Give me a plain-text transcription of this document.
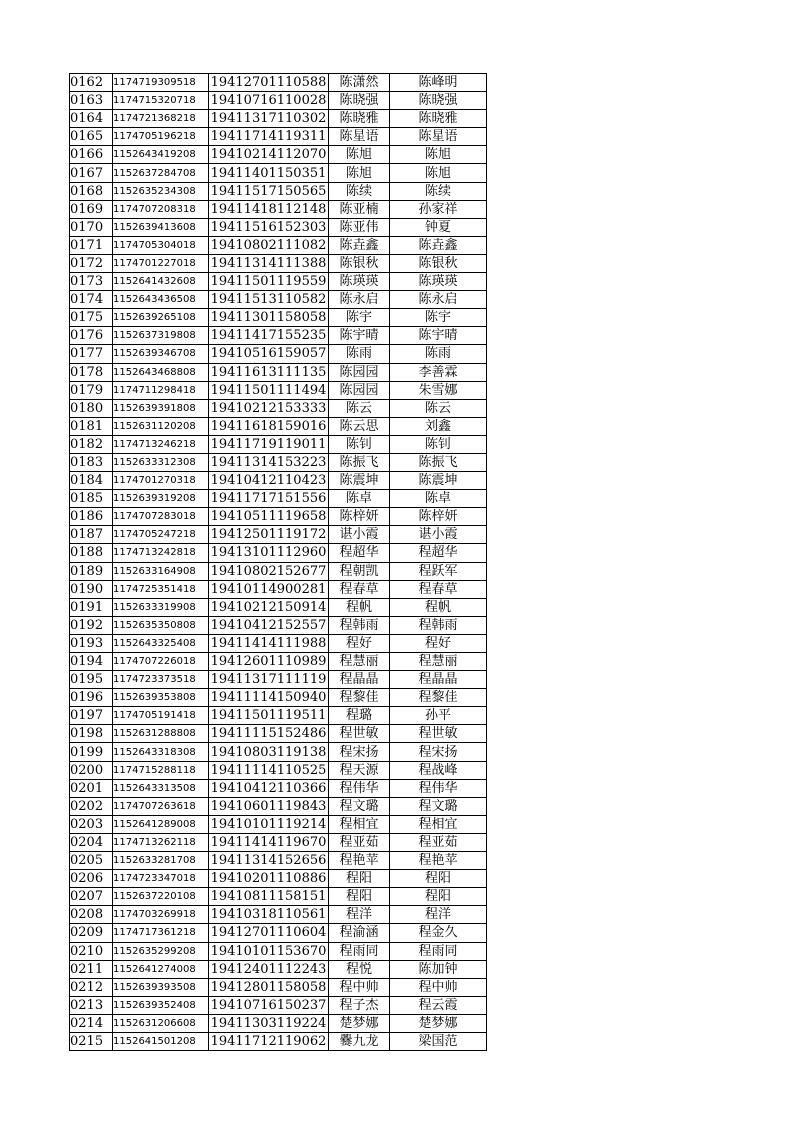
0162	1174719309518	19412701110588	陈潇然	陈峰明
0163	1174715320718	19410716110028	陈晓强	陈晓强
0164	1174721368218	19411317110302	陈晓雅	陈晓雅
0165	1174705196218	19411714119311	陈星语	陈星语
0166	1152643419208	19410214112070	陈旭	陈旭
0167	1152637284708	19411401150351	陈旭	陈旭
0168	1152635234308	19411517150565	陈续	陈续
0169	1174707208318	19411418112148	陈亚楠	孙家祥
0170	1152639413608	19411516152303	陈亚伟	钟夏
0171	1174705304018	19410802111082	陈垚鑫	陈垚鑫
0172	1174701227018	19411314111388	陈银秋	陈银秋
0173	1152641432608	19411501119559	陈瑛瑛	陈瑛瑛
0174	1152643436508	19411513110582	陈永启	陈永启
0175	1152639265108	19411301158058	陈宇	陈宇
0176	1152637319808	19411417155235	陈宇晴	陈宇晴
0177	1152639346708	19410516159057	陈雨	陈雨
0178	1152643468808	19411613111135	陈园园	李善霖
0179	1174711298418	19411501111494	陈园园	朱雪娜
0180	1152639391808	19410212153333	陈云	陈云
0181	1152631120208	19411618159016	陈云思	刘鑫
0182	1174713246218	19411719119011	陈钊	陈钊
0183	1152633312308	19411314153223	陈振飞	陈振飞
0184	1174701270318	19410412110423	陈震坤	陈震坤
0185	1152639319208	19411717151556	陈卓	陈卓
0186	1174707283018	19410511119658	陈梓妍	陈梓妍
0187	1174705247218	19412501119172	谌小霞	谌小霞
0188	1174713242818	19413101112960	程超华	程超华
0189	1152633164908	19410802152677	程朝凯	程跃军
0190	1174725351418	19410114900281	程春草	程春草
0191	1152633319908	19410212150914	程帆	程帆
0192	1152635350808	19410412152557	程韩雨	程韩雨
0193	1152643325408	19411414111988	程好	程好
0194	1174707226018	19412601110989	程慧丽	程慧丽
0195	1174723373518	19411317111119	程晶晶	程晶晶
0196	1152639353808	19411114150940	程黎佳	程黎佳
0197	1174705191418	19411501119511	程璐	孙平
0198	1152631288808	19411115152486	程世敏	程世敏
0199	1152643318308	19410803119138	程宋扬	程宋扬
0200	1174715288118	19411114110525	程天源	程战峰
0201	1152643313508	19410412110366	程伟华	程伟华
0202	1174707263618	19410601119843	程文璐	程文璐
0203	1152641289008	19410101119214	程相宜	程相宜
0204	1174713262118	19411414119670	程亚茹	程亚茹
0205	1152633281708	19411314152656	程艳苹	程艳苹
0206	1174723347018	19410201110886	程阳	程阳
0207	1152637220108	19410811158151	程阳	程阳
0208	1174703269918	19410318110561	程洋	程洋
0209	1174717361218	19412701110604	程渝涵	程金久
0210	1152635299208	19410101153670	程雨同	程雨同
0211	1152641274008	19412401112243	程悦	陈加钟
0212	1152639393508	19412801158058	程中帅	程中帅
0213	1152639352408	19410716150237	程子杰	程云霞
0214	1152631206608	19411303119224	楚梦娜	楚梦娜
0215	1152641501208	19411712119062	爨九龙	梁国范
